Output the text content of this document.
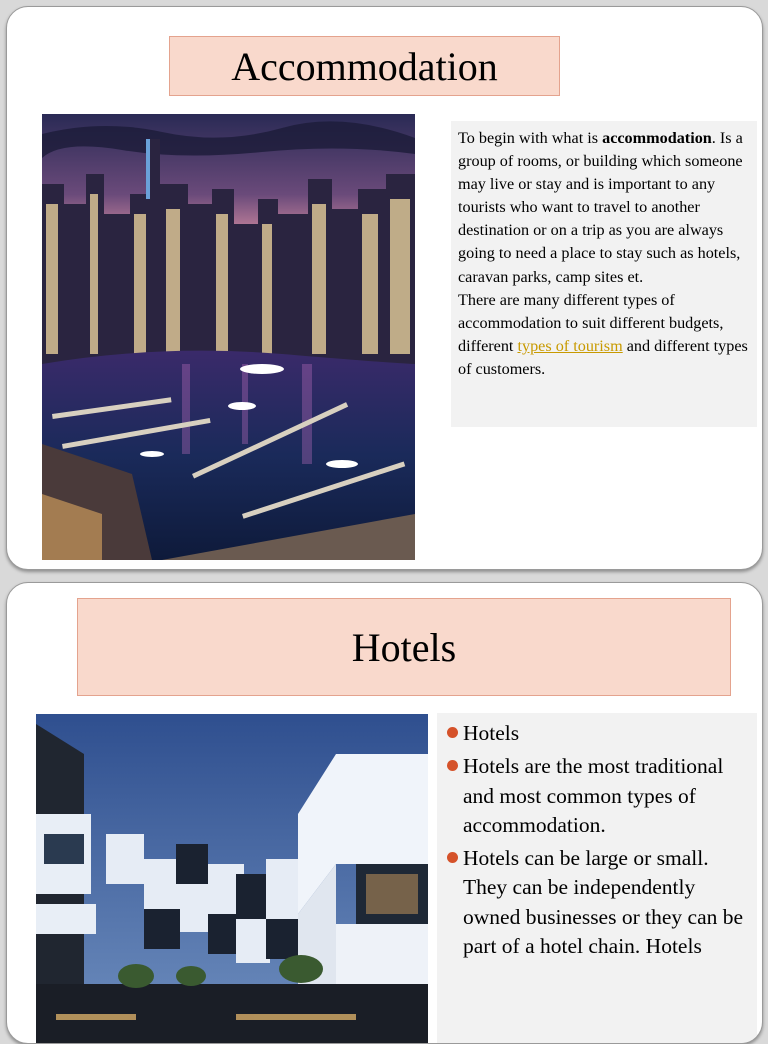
Accommodation

To begin with what is accommodation. Is a group of rooms, or building which someone may live or stay and is important to any tourists who want to travel to another destination or on a trip as you are always going to need a place to stay such as hotels, caravan parks, camp sites et.

There are many different types of accommodation to suit different budgets, different types of tourism and different types of customers.

Hotels
Hotels
Hotels are the most traditional and most common types of accommodation.
Hotels can be large or small. They can be independently owned businesses or they can be part of a hotel chain. Hotels
